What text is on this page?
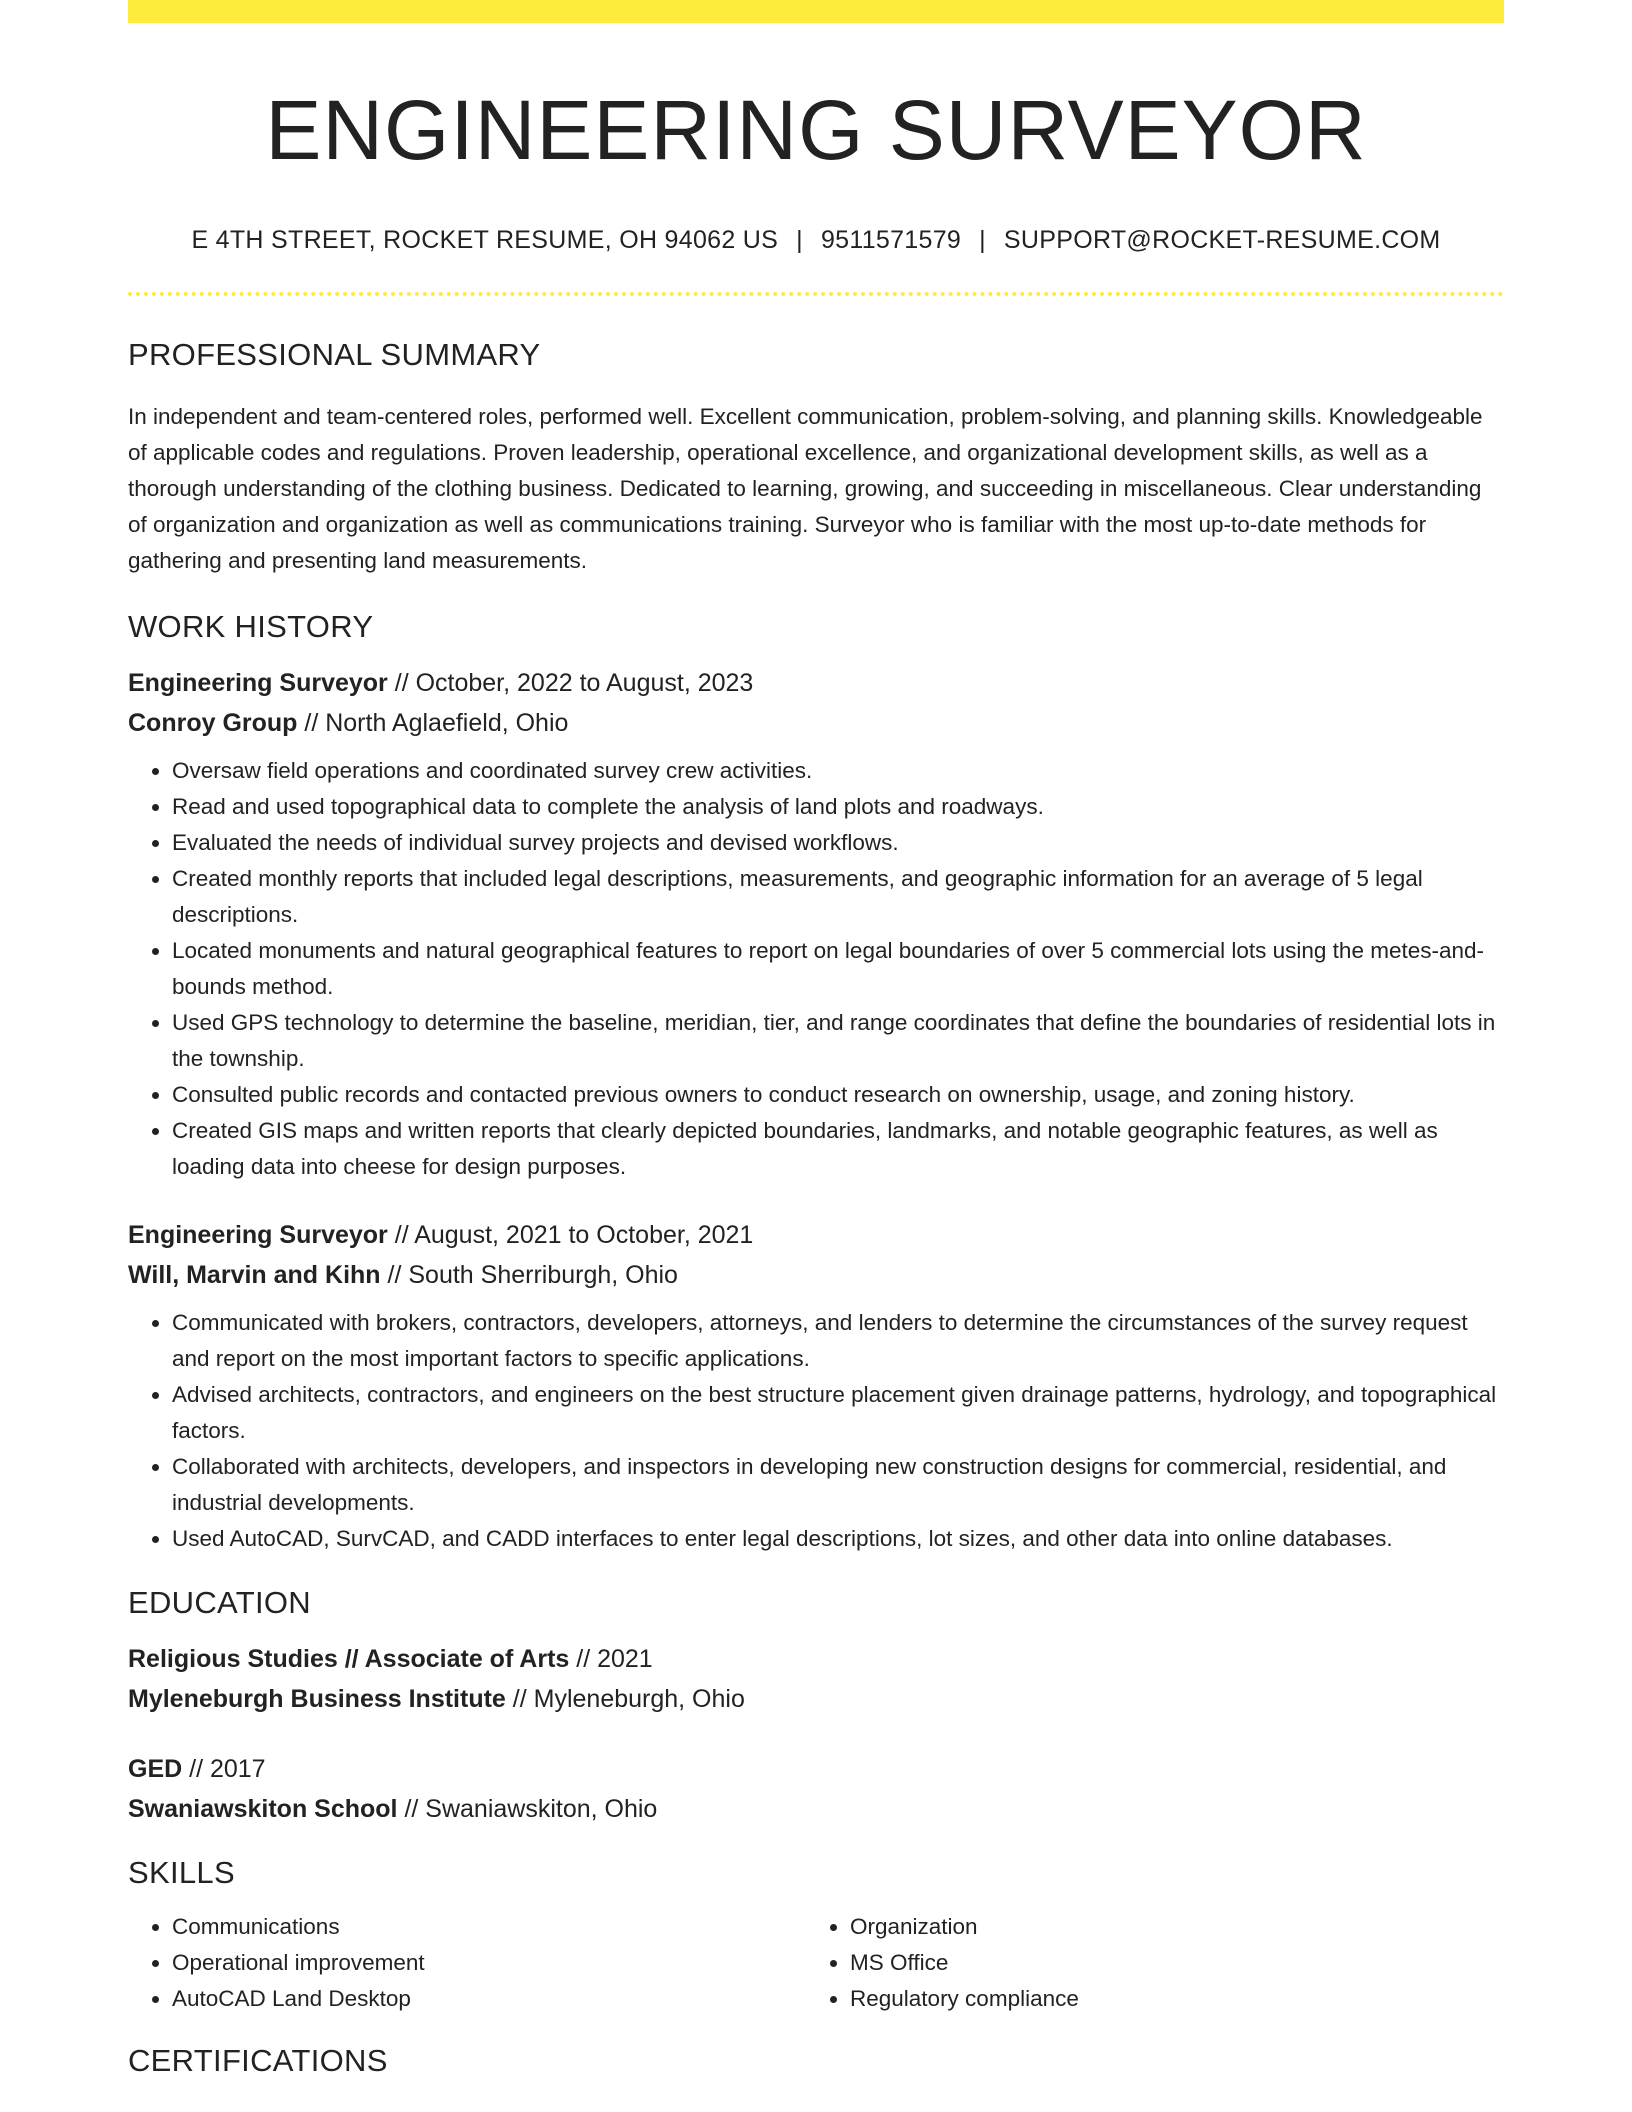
ENGINEERING SURVEYOR
E 4TH STREET, ROCKET RESUME, OH 94062 US | 9511571579 | SUPPORT@ROCKET-RESUME.COM
PROFESSIONAL SUMMARY

In independent and team-centered roles, performed well. Excellent communication, problem-solving, and planning skills. Knowledgeable of applicable codes and regulations. Proven leadership, operational excellence, and organizational development skills, as well as a thorough understanding of the clothing business. Dedicated to learning, growing, and succeeding in miscellaneous. Clear understanding of organization and organization as well as communications training. Surveyor who is familiar with the most up-to-date methods for gathering and presenting land measurements.

WORK HISTORY
Engineering Surveyor // October, 2022 to August, 2023
Conroy Group // North Aglaefield, Ohio
• Oversaw field operations and coordinated survey crew activities.
• Read and used topographical data to complete the analysis of land plots and roadways.
• Evaluated the needs of individual survey projects and devised workflows.
• Created monthly reports that included legal descriptions, measurements, and geographic information for an average of 5 legal descriptions.
• Located monuments and natural geographical features to report on legal boundaries of over 5 commercial lots using the metes-and-bounds method.
• Used GPS technology to determine the baseline, meridian, tier, and range coordinates that define the boundaries of residential lots in the township.
• Consulted public records and contacted previous owners to conduct research on ownership, usage, and zoning history.
• Created GIS maps and written reports that clearly depicted boundaries, landmarks, and notable geographic features, as well as loading data into cheese for design purposes.
Engineering Surveyor // August, 2021 to October, 2021
Will, Marvin and Kihn // South Sherriburgh, Ohio
• Communicated with brokers, contractors, developers, attorneys, and lenders to determine the circumstances of the survey request and report on the most important factors to specific applications.
• Advised architects, contractors, and engineers on the best structure placement given drainage patterns, hydrology, and topographical factors.
• Collaborated with architects, developers, and inspectors in developing new construction designs for commercial, residential, and industrial developments.
• Used AutoCAD, SurvCAD, and CADD interfaces to enter legal descriptions, lot sizes, and other data into online databases.
EDUCATION
Religious Studies // Associate of Arts // 2021
Myleneburgh Business Institute // Myleneburgh, Ohio
GED // 2017
Swaniawskiton School // Swaniawskiton, Ohio
SKILLS
• Communications
• Operational improvement
• AutoCAD Land Desktop
• Organization
• MS Office
• Regulatory compliance
CERTIFICATIONS
